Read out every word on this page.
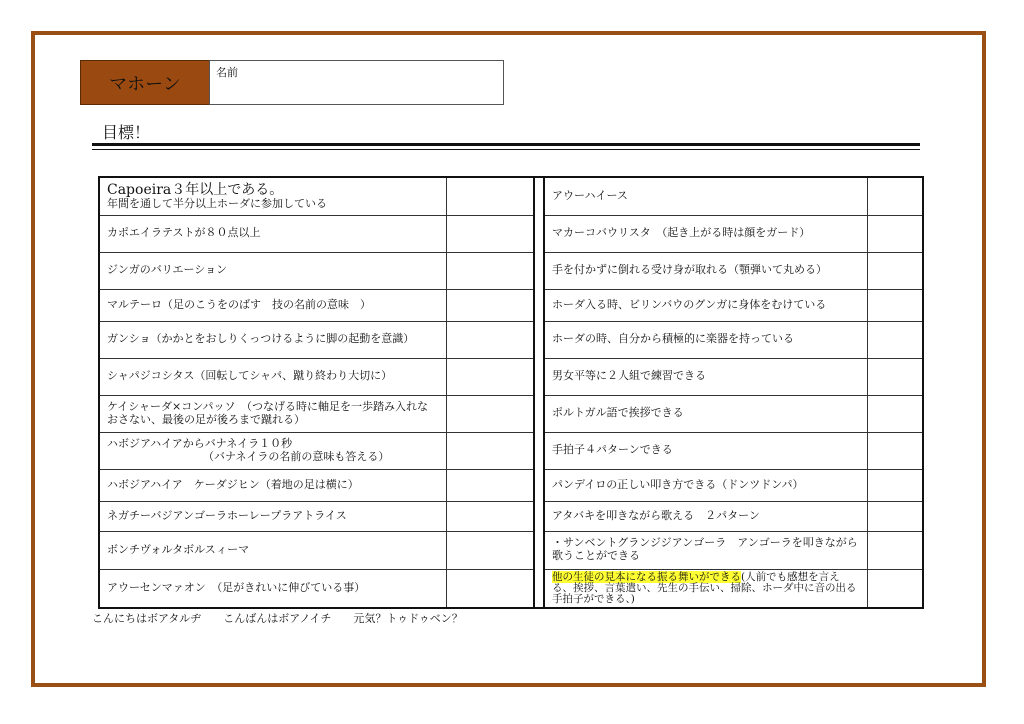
マホーン
名前
目標！
Capoeira３年以上である。
年間を通して半分以上ホーダに参加している			アウーハイース	
カポエイラテストが８０点以上			マカーコバウリスタ　（起き上がる時は顔をガード）	
ジンガのバリエーション			手を付かずに倒れる受け身が取れる（顎弾いて丸める）	
マルテーロ（足のこうをのばす　技の名前の意味　）			ホーダ入る時、ビリンバウのグンガに身体をむけている	
ガンショ（かかとをおしりくっつけるように脚の起動を意識）			ホーダの時、自分から積極的に楽器を持っている	
シャパジコシタス（回転してシャパ、蹴り終わり大切に）			男女平等に２人組で練習できる	
ケイシャーダ×コンパッソ　（つなげる時に軸足を一歩踏み入れなおさない、最後の足が後ろまで蹴れる）			ポルトガル語で挨拶できる	

ハボジアハイアからバナネイラ１０秒
（バナネイラの名前の意味も答える）			手拍子４パターンできる	
ハボジアハイア　ケーダジヒン（着地の足は横に）			パンデイロの正しい叩き方できる（ドンツドンパ）	
ネガチーバジアンゴーラホーレープラアトライス			アタバキを叩きながら歌える　２パターン	
ボンチヴォルタボルスィーマ			・サンベントグランジジアンゴーラ　アンゴーラを叩きながら歌うことができる	
アウーセンマァオン　（足がきれいに伸びている事）			他の生徒の見本になる振る舞いができる(人前でも感想を言える、挨拶、言葉遣い、先生の手伝い、掃除、ホーダ中に音の出る手拍子ができる、)	
こんにちはボアタルヂ　　こんばんはボアノイチ　　元気？トゥドゥベン？
